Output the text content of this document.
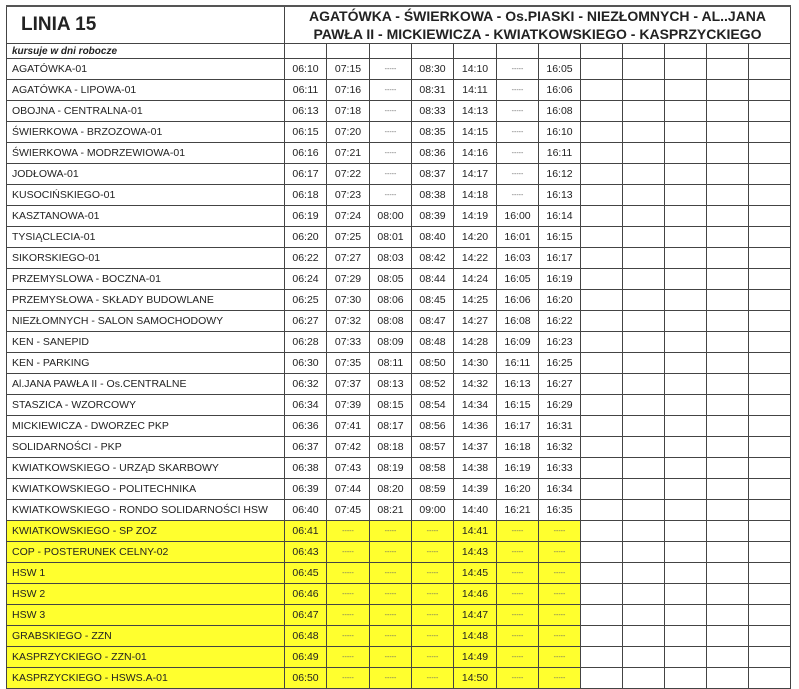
LINIA 15	AGATÓWKA - ŚWIERKOWA - Os.PIASKI - NIEZŁOMNYCH - AL..JANA
PAWŁA II - MICKIEWICZA - KWIATKOWSKIEGO - KASPRZYCKIEGO											

kursuje w dni robocze												
AGATÓWKA-01	06:10	07:15	-----	08:30	14:10	-----	16:05					
AGATÓWKA - LIPOWA-01	06:11	07:16	-----	08:31	14:11	-----	16:06					
OBOJNA - CENTRALNA-01	06:13	07:18	-----	08:33	14:13	-----	16:08					
ŚWIERKOWA - BRZOZOWA-01	06:15	07:20	-----	08:35	14:15	-----	16:10					
ŚWIERKOWA - MODRZEWIOWA-01	06:16	07:21	-----	08:36	14:16	-----	16:11					
JODŁOWA-01	06:17	07:22	-----	08:37	14:17	-----	16:12					
KUSOCIŃSKIEGO-01	06:18	07:23	-----	08:38	14:18	-----	16:13					
KASZTANOWA-01	06:19	07:24	08:00	08:39	14:19	16:00	16:14					
TYSIĄCLECIA-01	06:20	07:25	08:01	08:40	14:20	16:01	16:15					
SIKORSKIEGO-01	06:22	07:27	08:03	08:42	14:22	16:03	16:17					
PRZEMYSLOWA - BOCZNA-01	06:24	07:29	08:05	08:44	14:24	16:05	16:19					
PRZEMYSŁOWA - SKŁADY BUDOWLANE	06:25	07:30	08:06	08:45	14:25	16:06	16:20					
NIEZŁOMNYCH - SALON SAMOCHODOWY	06:27	07:32	08:08	08:47	14:27	16:08	16:22					
KEN - SANEPID	06:28	07:33	08:09	08:48	14:28	16:09	16:23					
KEN - PARKING	06:30	07:35	08:11	08:50	14:30	16:11	16:25					
Al.JANA PAWŁA II - Os.CENTRALNE	06:32	07:37	08:13	08:52	14:32	16:13	16:27					
STASZICA - WZORCOWY	06:34	07:39	08:15	08:54	14:34	16:15	16:29					
MICKIEWICZA - DWORZEC PKP	06:36	07:41	08:17	08:56	14:36	16:17	16:31					
SOLIDARNOŚCI - PKP	06:37	07:42	08:18	08:57	14:37	16:18	16:32					
KWIATKOWSKIEGO - URZĄD SKARBOWY	06:38	07:43	08:19	08:58	14:38	16:19	16:33					
KWIATKOWSKIEGO - POLITECHNIKA	06:39	07:44	08:20	08:59	14:39	16:20	16:34					
KWIATKOWSKIEGO - RONDO SOLIDARNOŚCI HSW	06:40	07:45	08:21	09:00	14:40	16:21	16:35					
KWIATKOWSKIEGO - SP ZOZ	06:41	-----	-----	-----	14:41	-----	-----					
COP - POSTERUNEK CELNY-02	06:43	-----	-----	-----	14:43	-----	-----					
HSW 1	06:45	-----	-----	-----	14:45	-----	-----					
HSW 2	06:46	-----	-----	-----	14:46	-----	-----					
HSW 3	06:47	-----	-----	-----	14:47	-----	-----					
GRABSKIEGO - ZZN	06:48	-----	-----	-----	14:48	-----	-----					
KASPRZYCKIEGO - ZZN-01	06:49	-----	-----	-----	14:49	-----	-----					
KASPRZYCKIEGO - HSWS.A-01	06:50	-----	-----	-----	14:50	-----	-----					
